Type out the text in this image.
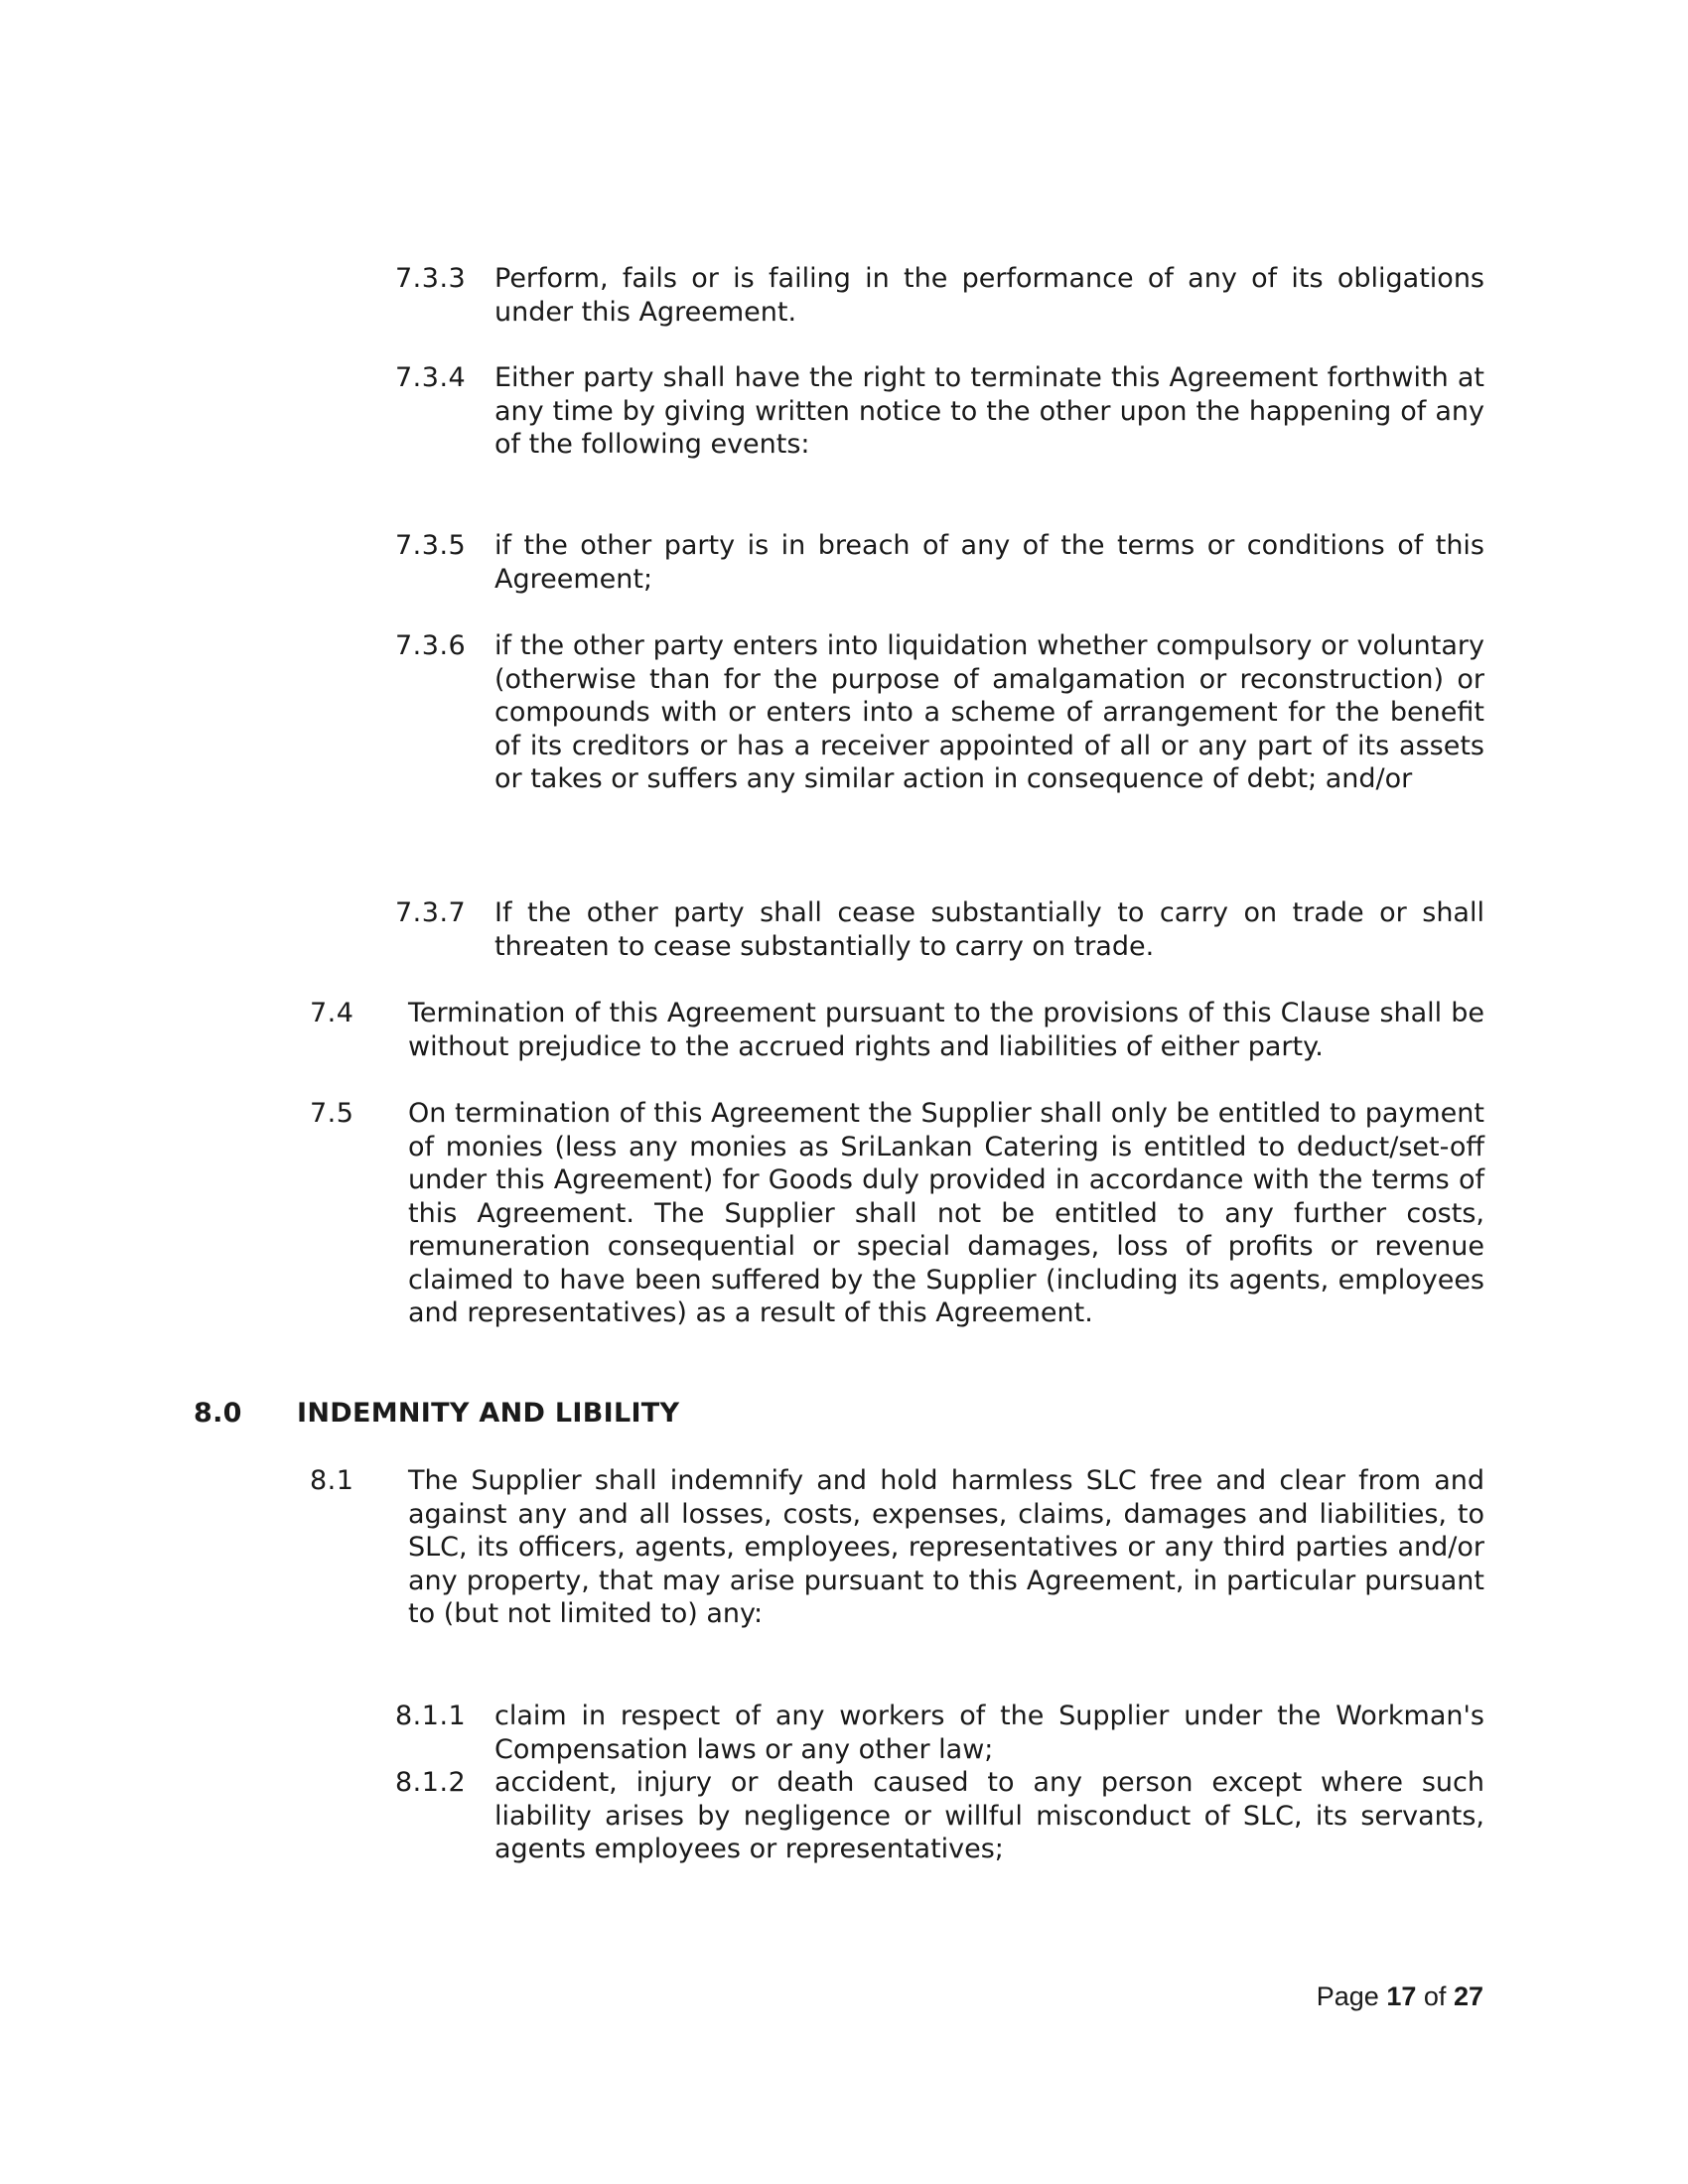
7.3.3 Perform, fails or is failing in the performance of any of its obligations under this Agreement.
7.3.4 Either party shall have the right to terminate this Agreement forthwith at any time by giving written notice to the other upon the happening of any of the following events:
7.3.5 if the other party is in breach of any of the terms or conditions of this Agreement;
7.3.6 if the other party enters into liquidation whether compulsory or voluntary (otherwise than for the purpose of amalgamation or reconstruction) or compounds with or enters into a scheme of arrangement for the benefit of its creditors or has a receiver appointed of all or any part of its assets or takes or suffers any similar action in consequence of debt; and/or
7.3.7 If the other party shall cease substantially to carry on trade or shall threaten to cease substantially to carry on trade.
7.4 Termination of this Agreement pursuant to the provisions of this Clause shall be without prejudice to the accrued rights and liabilities of either party.
7.5 On termination of this Agreement the Supplier shall only be entitled to payment of monies (less any monies as SriLankan Catering is entitled to deduct/set-off under this Agreement) for Goods duly provided in accordance with the terms of this Agreement. The Supplier shall not be entitled to any further costs, remuneration consequential or special damages, loss of profits or revenue claimed to have been suffered by the Supplier (including its agents, employees and representatives) as a result of this Agreement.
8.0 INDEMNITY AND LIBILITY
8.1 The Supplier shall indemnify and hold harmless SLC free and clear from and against any and all losses, costs, expenses, claims, damages and liabilities, to SLC, its officers, agents, employees, representatives or any third parties and/or any property, that may arise pursuant to this Agreement, in particular pursuant to (but not limited to) any:
8.1.1 claim in respect of any workers of the Supplier under the Workman's Compensation laws or any other law;
8.1.2 accident, injury or death caused to any person except where such liability arises by negligence or willful misconduct of SLC, its servants, agents employees or representatives;
Page 17 of 27
